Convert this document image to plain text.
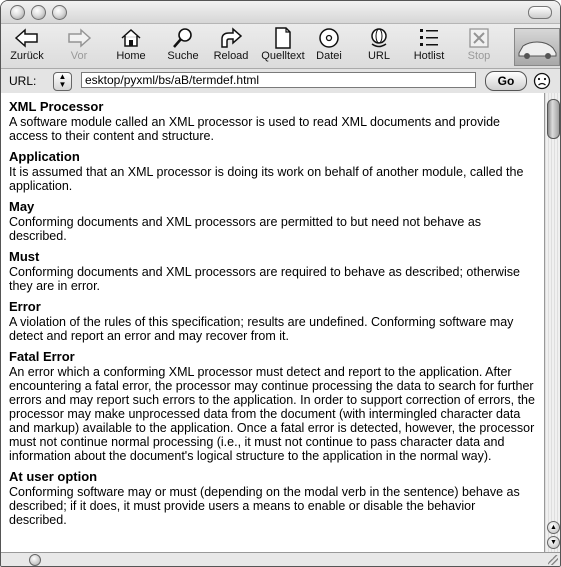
Zurück	Vor	Home	Suche	Reload	Quelltext	Datei	URL	Hotlist	Stop
URL:	▲
▼
esktop/pyxml/bs/aB/termdef.html	Go
XML Processor
A software module called an XML processor is used to read XML documents and provide access to their content and structure.
Application
It is assumed that an XML processor is doing its work on behalf of another module, called the application.
May
Conforming documents and XML processors are permitted to but need not behave as described.
Must
Conforming documents and XML processors are required to behave as described; otherwise they are in error.
Error
A violation of the rules of this specification; results are undefined. Conforming software may detect and report an error and may recover from it.
Fatal Error
An error which a conforming XML processor must detect and report to the application. After encountering a fatal error, the processor may continue processing the data to search for further errors and may report such errors to the application. In order to support correction of errors, the processor may make unprocessed data from the document (with intermingled character data and markup) available to the application. Once a fatal error is detected, however, the processor must not continue normal processing (i.e., it must not continue to pass character data and information about the document's logical structure to the application in the normal way).
At user option
Conforming software may or must (depending on the modal verb in the sentence) behave as described; if it does, it must provide users a means to enable or disable the behavior described.
▲
▼
